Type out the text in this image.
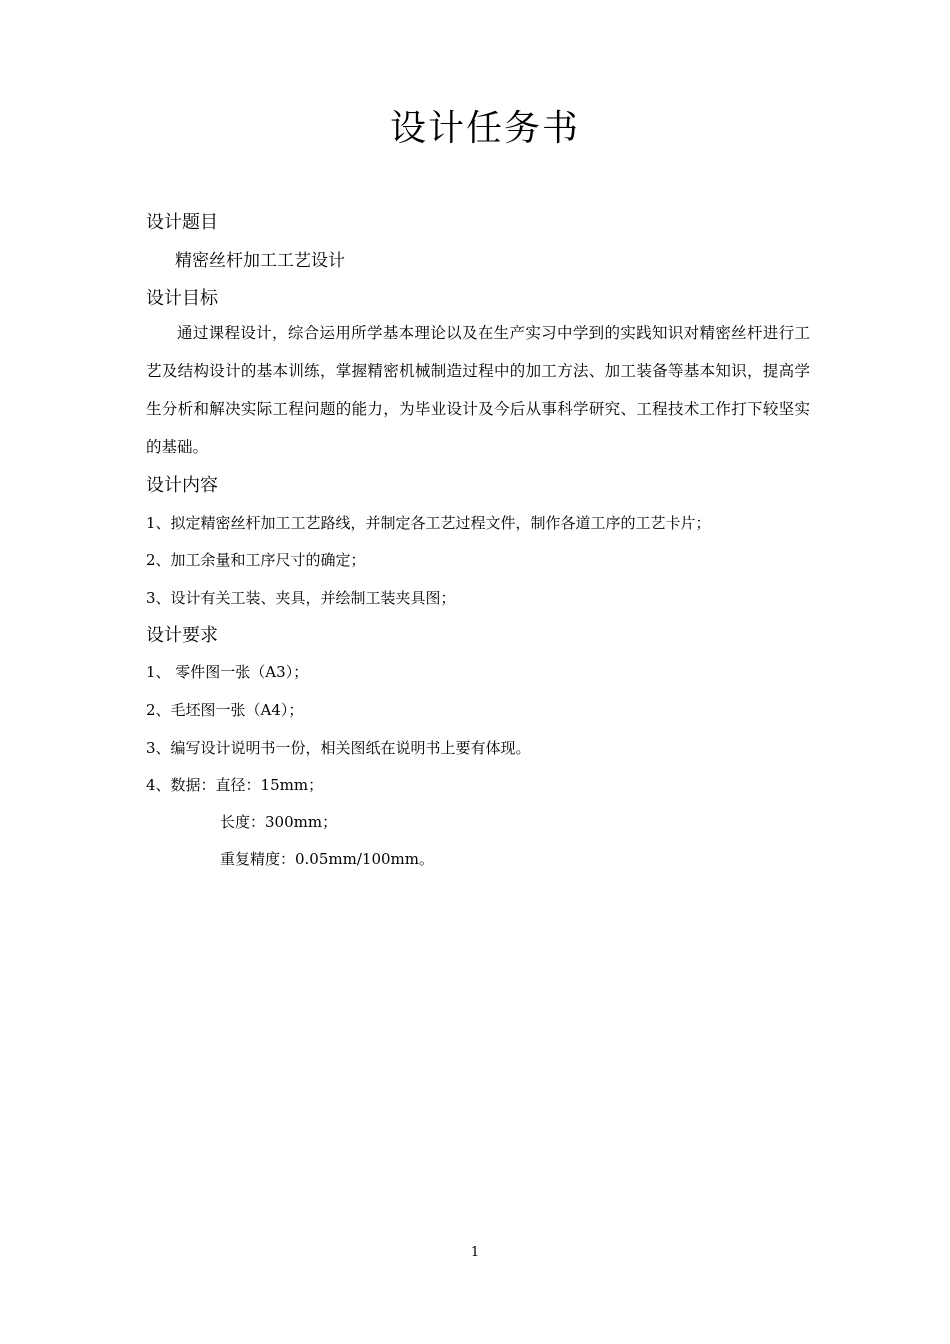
设计任务书
设计题目
精密丝杆加工工艺设计
设计目标
通过课程设计，综合运用所学基本理论以及在生产实习中学到的实践知识对精密丝杆进行工艺及结构设计的基本训练，掌握精密机械制造过程中的加工方法、加工装备等基本知识，提高学生分析和解决实际工程问题的能力，为毕业设计及今后从事科学研究、工程技术工作打下较坚实的基础。
设计内容
1、拟定精密丝杆加工工艺路线，并制定各工艺过程文件，制作各道工序的工艺卡片；
2、加工余量和工序尺寸的确定；
3、设计有关工装、夹具，并绘制工装夹具图；
设计要求
1、 零件图一张（A3）；
2、毛坯图一张（A4）；
3、编写设计说明书一份，相关图纸在说明书上要有体现。
4、数据：直径：15mm；
长度：300mm；
重复精度：0.05mm/100mm。
1
